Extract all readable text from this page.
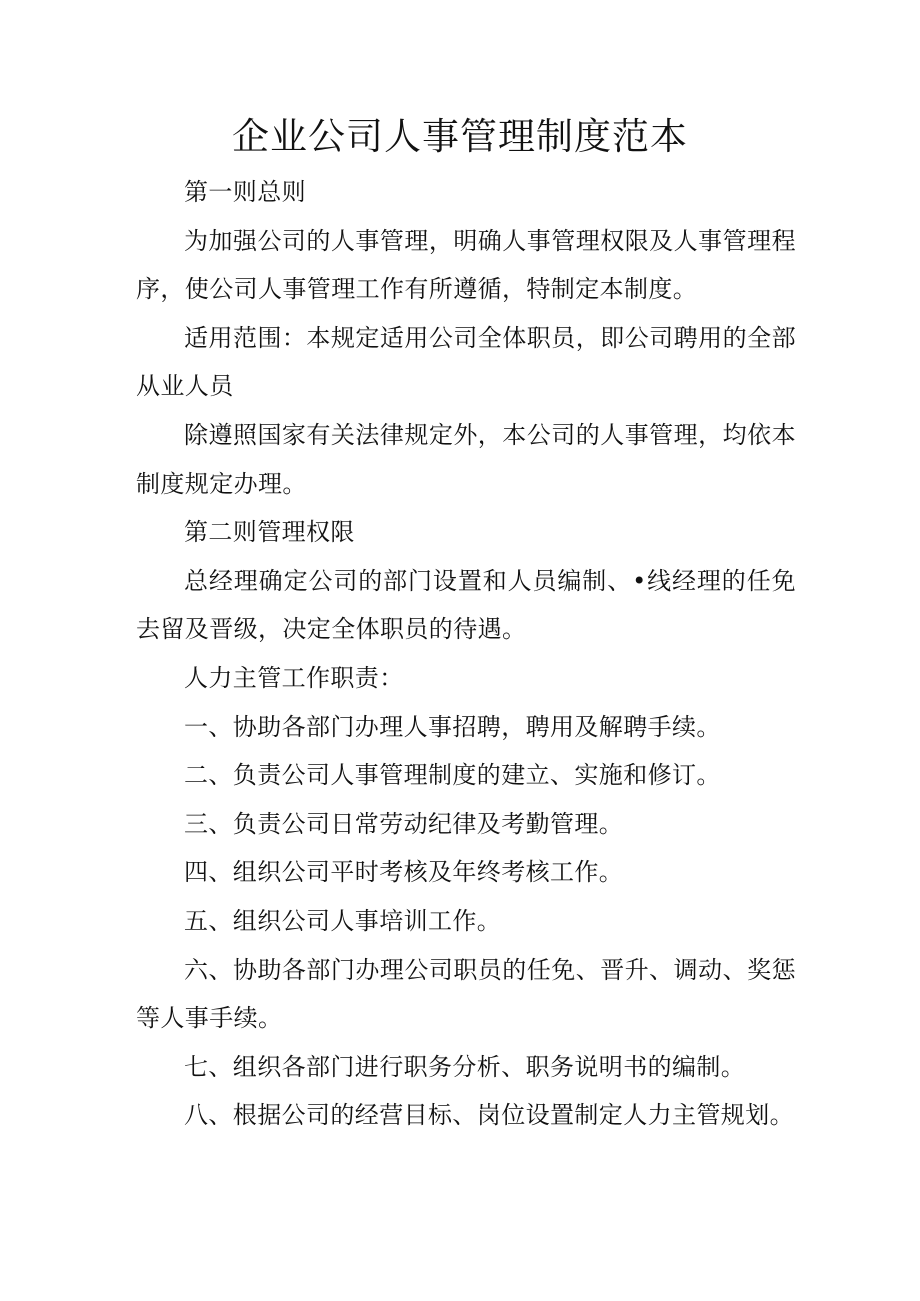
企业公司人事管理制度范本

第一则总则

为加强公司的人事管理，明确人事管理权限及人事管理程序，使公司人事管理工作有所遵循，特制定本制度。

适用范围：本规定适用公司全体职员，即公司聘用的全部从业人员

除遵照国家有关法律规定外，本公司的人事管理，均依本制度规定办理。

第二则管理权限

总经理确定公司的部门设置和人员编制、•线经理的任免去留及晋级，决定全体职员的待遇。

人力主管工作职责：

一、协助各部门办理人事招聘，聘用及解聘手续。

二、负责公司人事管理制度的建立、实施和修订。

三、负责公司日常劳动纪律及考勤管理。

四、组织公司平时考核及年终考核工作。

五、组织公司人事培训工作。

六、协助各部门办理公司职员的任免、晋升、调动、奖惩等人事手续。

七、组织各部门进行职务分析、职务说明书的编制。

八、根据公司的经营目标、岗位设置制定人力主管规划。
